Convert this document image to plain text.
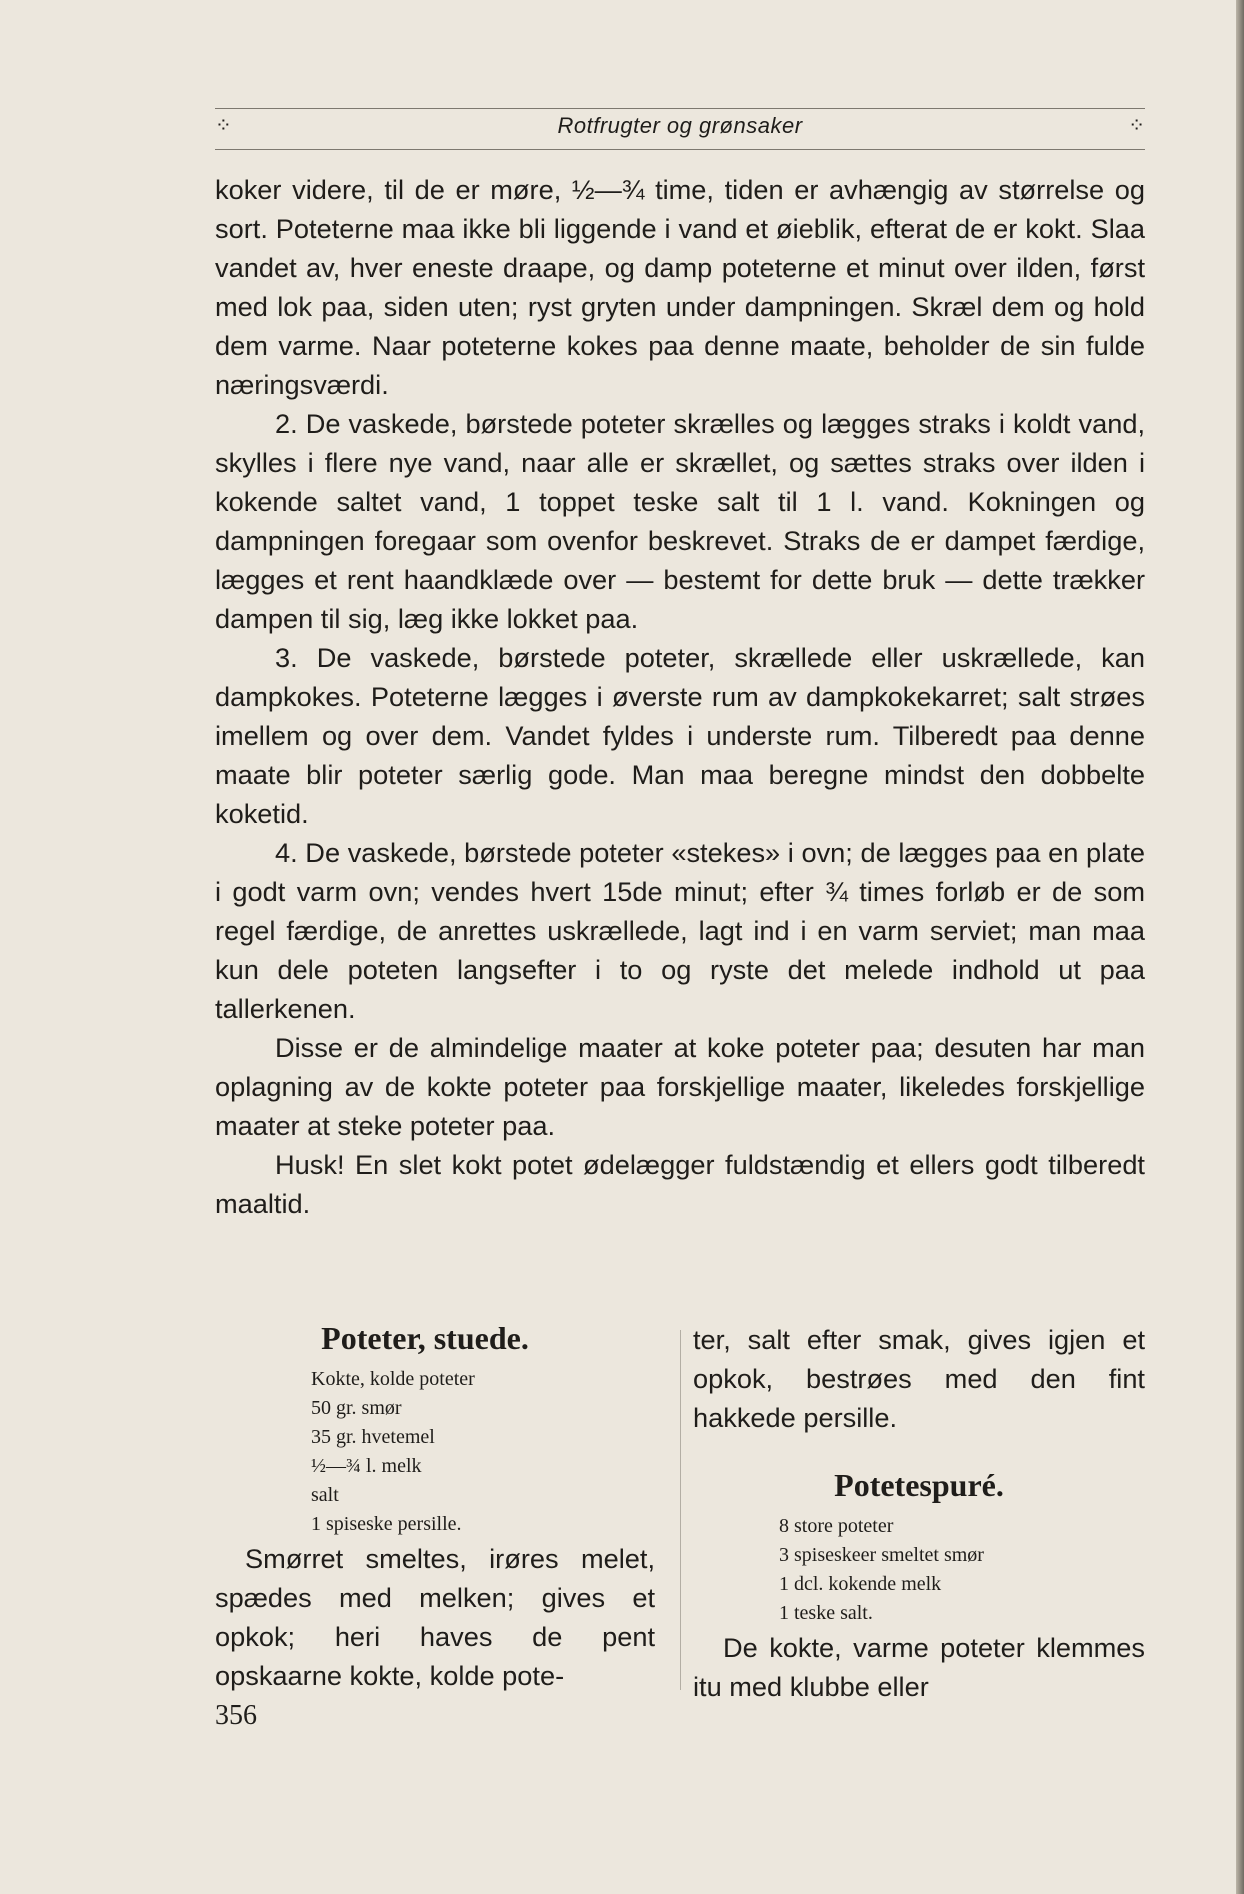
⁘	Rotfrugter og grønsaker	⁘

koker videre, til de er møre, ½—¾ time, tiden er avhængig av størrelse og sort. Poteterne maa ikke bli liggende i vand et øieblik, efterat de er kokt. Slaa vandet av, hver eneste draape, og damp poteterne et minut over ilden, først med lok paa, siden uten; ryst gryten under dampningen. Skræl dem og hold dem varme. Naar poteterne kokes paa denne maate, beholder de sin fulde næringsværdi.

2. De vaskede, børstede poteter skrælles og lægges straks i koldt vand, skylles i flere nye vand, naar alle er skrællet, og sættes straks over ilden i kokende saltet vand, 1 toppet teske salt til 1 l. vand. Kokningen og dampningen foregaar som ovenfor beskrevet. Straks de er dampet færdige, lægges et rent haandklæde over — bestemt for dette bruk — dette trækker dampen til sig, læg ikke lokket paa.

3. De vaskede, børstede poteter, skrællede eller uskrællede, kan dampkokes. Poteterne lægges i øverste rum av dampkokekarret; salt strøes imellem og over dem. Vandet fyldes i underste rum. Tilberedt paa denne maate blir poteter særlig gode. Man maa beregne mindst den dobbelte koketid.

4. De vaskede, børstede poteter «stekes» i ovn; de lægges paa en plate i godt varm ovn; vendes hvert 15de minut; efter ¾ times forløb er de som regel færdige, de anrettes uskrællede, lagt ind i en varm serviet; man maa kun dele poteten langsefter i to og ryste det melede indhold ut paa tallerkenen.

Disse er de almindelige maater at koke poteter paa; desuten har man oplagning av de kokte poteter paa forskjellige maater, likeledes forskjellige maater at steke poteter paa.

Husk! En slet kokt potet ødelægger fuldstændig et ellers godt tilberedt maaltid.

Poteter, stuede.
Kokte, kolde poteter
50 gr. smør
35 gr. hvetemel
½—¾ l. melk
salt
1 spiseske persille.

Smørret smeltes, irøres melet, spædes med melken; gives et opkok; heri haves de pent opskaarne kokte, kolde pote-

ter, salt efter smak, gives igjen et opkok, bestrøes med den fint hakkede persille.

Potetespuré.
8 store poteter
3 spiseskeer smeltet smør
1 dcl. kokende melk
1 teske salt.

De kokte, varme poteter klemmes itu med klubbe eller

356
